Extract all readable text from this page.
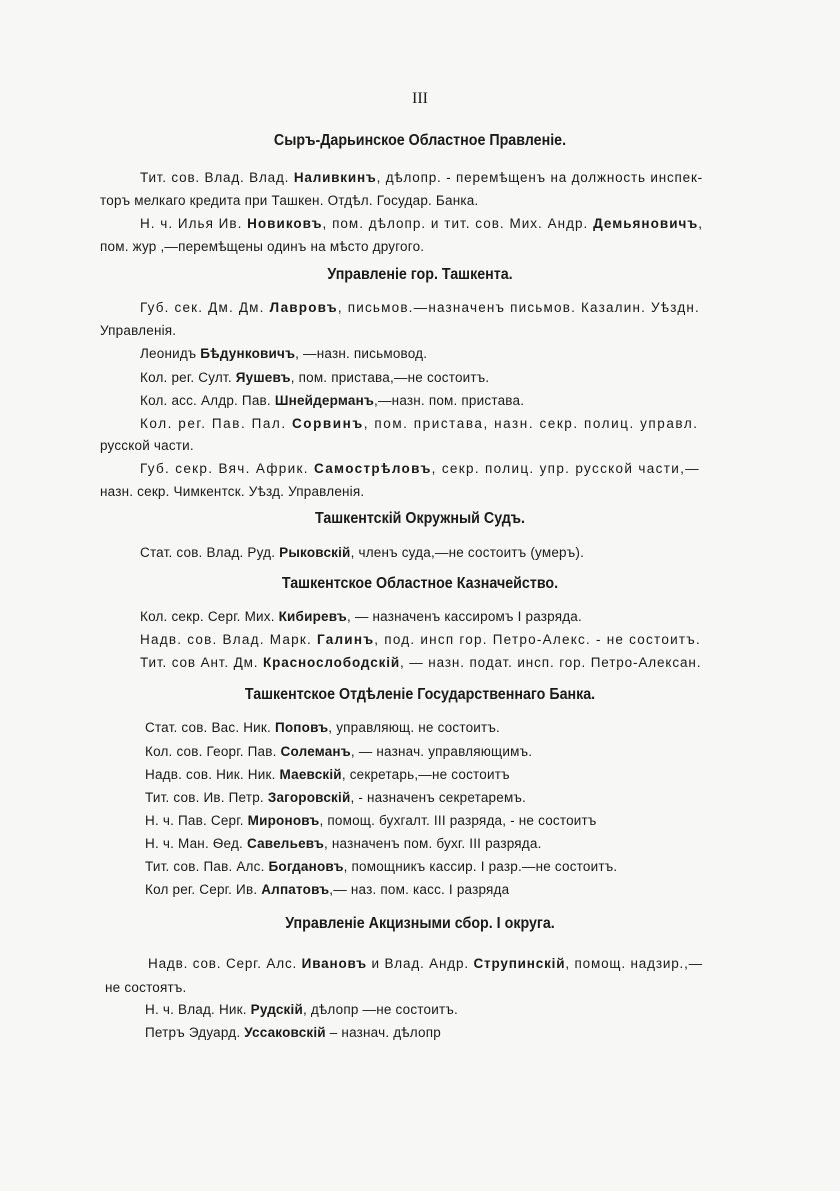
III
Сыръ-Дарьинское Областное Правленіе.
Тит. сов. Влад. Влад. Наливкинъ, дѣлопр. - перемѣщенъ на должность инспек-
торъ мелкаго кредита при Ташкен. Отдѣл. Государ. Банка.
Н. ч. Илья Ив. Новиковъ, пом. дѣлопр. и тит. сов. Мих. Андр. Демьяновичъ,
пом. жур ,—перемѣщены одинъ на мѣсто другого.
Управленіе гор. Ташкента.
Губ. сек. Дм. Дм. Лавровъ, письмов.—назначенъ письмов. Казалин. Уѣздн.
Управленія.
Леонидъ Бѣдунковичъ, —назн. письмовод.
Кол. рег. Султ. Яушевъ, пом. пристава,—не состоитъ.
Кол. асс. Алдр. Пав. Шнейдерманъ,—назн. пом. пристава.
Кол. рег. Пав. Пал. Сорвинъ, пом. пристава, назн. секр. полиц. управл.
русской части.
Губ. секр. Вяч. Африк. Самострѣловъ, секр. полиц. упр. русской части,—
назн. секр. Чимкентск. Уѣзд. Управленія.
Ташкентскій Окружный Судъ.
Стат. сов. Влад. Руд. Рыковскій, членъ суда,—не состоитъ (умеръ).
Ташкентское Областное Казначейство.
Кол. секр. Серг. Мих. Кибиревъ, — назначенъ кассиромъ I разряда.
Надв. сов. Влад. Марк. Галинъ, под. инсп гор. Петро-Алекс. - не состоитъ.
Тит. сов Ант. Дм. Краснослободскій, — назн. подат. инсп. гор. Петро-Алексан.
Ташкентское Отдѣленіе Государственнаго Банка.
Стат. сов. Вас. Ник. Поповъ, управляющ. не состоитъ.
Кол. сов. Георг. Пав. Солеманъ, — назнач. управляющимъ.
Надв. сов. Ник. Ник. Маевскій, секретарь,—не состоитъ
Тит. сов. Ив. Петр. Загоровскій, - назначенъ секретаремъ.
Н. ч. Пав. Серг. Мироновъ, помощ. бухгалт. III разряда, - не состоитъ
Н. ч. Ман. Ѳед. Савельевъ, назначенъ пом. бухг. III разряда.
Тит. сов. Пав. Алс. Богдановъ, помощникъ кассир. I разр.—не состоитъ.
Кол рег. Серг. Ив. Алпатовъ,— наз. пом. касс. I разряда
Управленіе Акцизными сбор. I округа.
Надв. сов. Серг. Алс. Ивановъ и Влад. Андр. Струпинскій, помощ. надзир.,—
не состоятъ.
Н. ч. Влад. Ник. Рудскій, дѣлопр —не состоитъ.
Петръ Эдуард. Уссаковскій – назнач. дѣлопр
